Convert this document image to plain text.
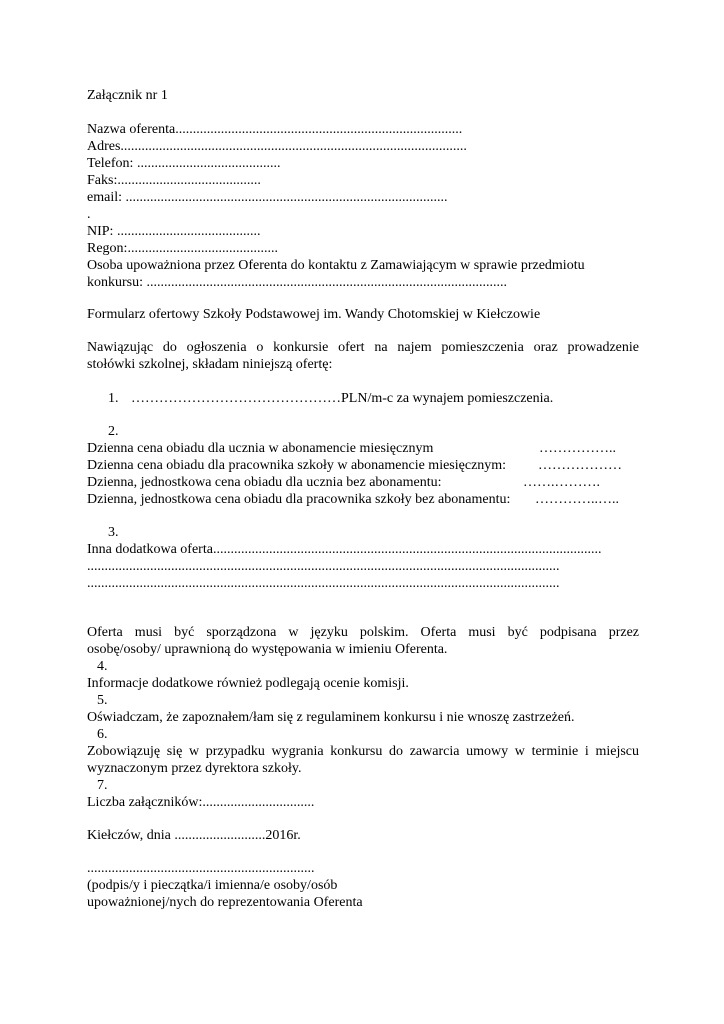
Załącznik nr 1
Nazwa oferenta..................................................................................
Adres...................................................................................................
Telefon: .........................................
Faks:.........................................
email: ............................................................................................
.
NIP: .........................................
Regon:...........................................
Osoba upoważniona przez Oferenta do kontaktu z Zamawiającym w sprawie przedmiotu
konkursu: .......................................................................................................
Formularz ofertowy Szkoły Podstawowej im. Wandy Chotomskiej w Kiełczowie
Nawiązując do ogłoszenia o konkursie ofert na najem pomieszczenia oraz prowadzenie
stołówki szkolnej, składam niniejszą ofertę:
1. ………………………………………PLN/m-c za wynajem pomieszczenia.
2.
Dzienna cena obiadu dla ucznia w abonamencie miesięcznym	……………..
Dzienna cena obiadu dla pracownika szkoły w abonamencie miesięcznym: ………………
Dzienna, jednostkowa cena obiadu dla ucznia bez abonamentu:	…….……….
Dzienna, jednostkowa cena obiadu dla pracownika szkoły bez abonamentu: …………..…..
3.
Inna dodatkowa oferta...............................................................................................................
.......................................................................................................................................
.......................................................................................................................................
Oferta musi być sporządzona w języku polskim. Oferta musi być podpisana przez
osobę/osoby/ uprawnioną do występowania w imieniu Oferenta.
4.
Informacje dodatkowe również podlegają ocenie komisji.
5.
Oświadczam, że zapoznałem/łam się z regulaminem konkursu i nie wnoszę zastrzeżeń.
6.
Zobowiązuję się w przypadku wygrania konkursu do zawarcia umowy w terminie i miejscu
wyznaczonym przez dyrektora szkoły.
7.
Liczba załączników:................................
Kiełczów, dnia ..........................2016r.
.................................................................
(podpis/y i pieczątka/i imienna/e osoby/osób
upoważnionej/nych do reprezentowania Oferenta
